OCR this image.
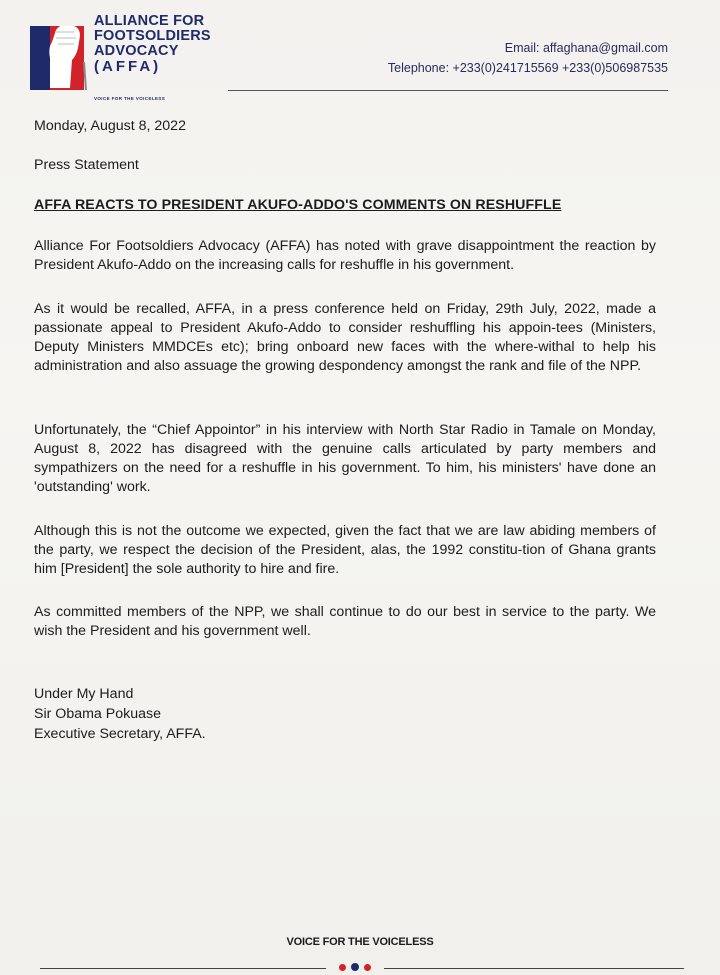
ALLIANCE FOR
FOOTSOLDIERS
ADVOCACY
(AFFA)
VOICE FOR THE VOICELESS
Email: affaghana@gmail.com
Telephone: +233(0)241715569 +233(0)506987535
Monday, August 8, 2022
Press Statement
AFFA REACTS TO PRESIDENT AKUFO-ADDO'S COMMENTS ON RESHUFFLE
Alliance For Footsoldiers Advocacy (AFFA) has noted with grave disappointment the reaction by President Akufo-Addo on the increasing calls for reshuffle in his government.
As it would be recalled, AFFA, in a press conference held on Friday, 29th July, 2022, made a passionate appeal to President Akufo-Addo to consider reshuffling his appoin-tees (Ministers, Deputy Ministers MMDCEs etc); bring onboard new faces with the where-withal to help his administration and also assuage the growing despondency amongst the rank and file of the NPP.
Unfortunately, the “Chief Appointor” in his interview with North Star Radio in Tamale on Monday, August 8, 2022 has disagreed with the genuine calls articulated by party members and sympathizers on the need for a reshuffle in his government. To him, his ministers' have done an 'outstanding' work.
Although this is not the outcome we expected, given the fact that we are law abiding members of the party, we respect the decision of the President, alas, the 1992 constitu-tion of Ghana grants him [President] the sole authority to hire and fire.
As committed members of the NPP, we shall continue to do our best in service to the party. We wish the President and his government well.
Under My Hand
Sir Obama Pokuase
Executive Secretary, AFFA.
VOICE FOR THE VOICELESS
